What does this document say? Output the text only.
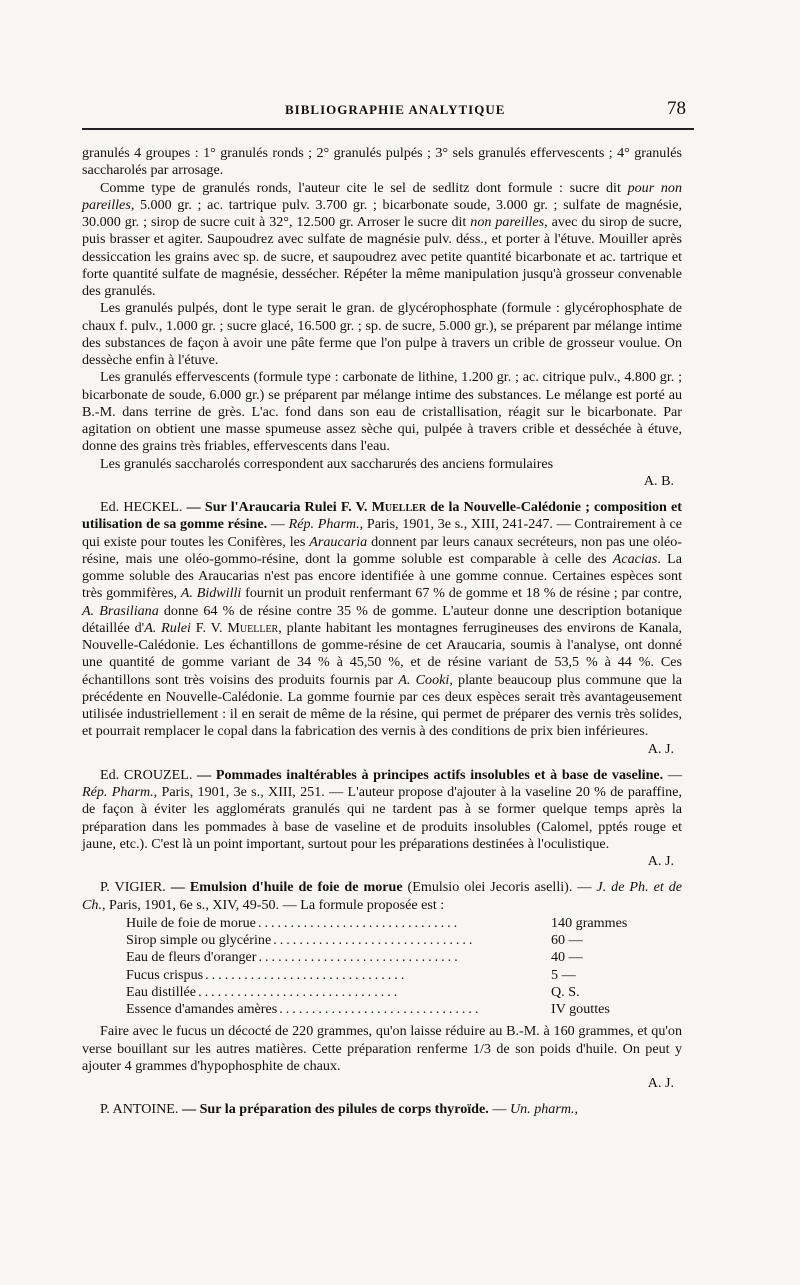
BIBLIOGRAPHIE ANALYTIQUE	78

granulés 4 groupes : 1° granulés ronds ; 2° granulés pulpés ; 3° sels granulés effervescents ; 4° granulés saccharolés par arrosage.

Comme type de granulés ronds, l'auteur cite le sel de sedlitz dont formule : sucre dit pour non pareilles, 5.000 gr. ; ac. tartrique pulv. 3.700 gr. ; bicarbonate soude, 3.000 gr. ; sulfate de magnésie, 30.000 gr. ; sirop de sucre cuit à 32°, 12.500 gr. Arroser le sucre dit non pareilles, avec du sirop de sucre, puis brasser et agiter. Saupoudrez avec sulfate de magnésie pulv. déss., et porter à l'étuve. Mouiller après dessiccation les grains avec sp. de sucre, et saupoudrez avec petite quantité bicarbonate et ac. tartrique et forte quantité sulfate de magnésie, dessécher. Répéter la même manipulation jusqu'à grosseur convenable des granulés.

Les granulés pulpés, dont le type serait le gran. de glycérophosphate (formule : glycérophosphate de chaux f. pulv., 1.000 gr. ; sucre glacé, 16.500 gr. ; sp. de sucre, 5.000 gr.), se préparent par mélange intime des substances de façon à avoir une pâte ferme que l'on pulpe à travers un crible de grosseur voulue. On dessèche enfin à l'étuve.

Les granulés effervescents (formule type : carbonate de lithine, 1.200 gr. ; ac. citrique pulv., 4.800 gr. ; bicarbonate de soude, 6.000 gr.) se préparent par mélange intime des substances. Le mélange est porté au B.-M. dans terrine de grès. L'ac. fond dans son eau de cristallisation, réagit sur le bicarbonate. Par agitation on obtient une masse spumeuse assez sèche qui, pulpée à travers crible et desséchée à étuve, donne des grains très friables, effervescents dans l'eau.

Les granulés saccharolés correspondent aux saccharurés des anciens formulaires

A. B.

Ed. HECKEL. — Sur l'Araucaria Rulei F. V. Mueller de la Nouvelle-Calédonie ; composition et utilisation de sa gomme résine. — Rép. Pharm., Paris, 1901, 3e s., XIII, 241-247. — Contrairement à ce qui existe pour toutes les Conifères, les Araucaria donnent par leurs canaux secréteurs, non pas une oléo-résine, mais une oléo-gommo-résine, dont la gomme soluble est comparable à celle des Acacias. La gomme soluble des Araucarias n'est pas encore identifiée à une gomme connue. Certaines espèces sont très gommifères, A. Bidwilli fournit un produit renfermant 67 % de gomme et 18 % de résine ; par contre, A. Brasiliana donne 64 % de résine contre 35 % de gomme. L'auteur donne une description botanique détaillée d'A. Rulei F. V. Mueller, plante habitant les montagnes ferrugineuses des environs de Kanala, Nouvelle-Calédonie. Les échantillons de gomme-résine de cet Araucaria, soumis à l'analyse, ont donné une quantité de gomme variant de 34 % à 45,50 %, et de résine variant de 53,5 % à 44 %. Ces échantillons sont très voisins des produits fournis par A. Cooki, plante beaucoup plus commune que la précédente en Nouvelle-Calédonie. La gomme fournie par ces deux espèces serait très avantageusement utilisée industriellement : il en serait de même de la résine, qui permet de préparer des vernis très solides, et pourrait remplacer le copal dans la fabrication des vernis à des conditions de prix bien inférieures.

A. J.

Ed. CROUZEL. — Pommades inaltérables à principes actifs insolubles et à base de vaseline. — Rép. Pharm., Paris, 1901, 3e s., XIII, 251. — L'auteur propose d'ajouter à la vaseline 20 % de paraffine, de façon à éviter les agglomérats granulés qui ne tardent pas à se former quelque temps après la préparation dans les pommades à base de vaseline et de produits insolubles (Calomel, pptés rouge et jaune, etc.). C'est là un point important, surtout pour les préparations destinées à l'oculistique.

A. J.

P. VIGIER. — Emulsion d'huile de foie de morue (Emulsio olei Jecoris aselli). — J. de Ph. et de Ch., Paris, 1901, 6e s., XIV, 49-50. — La formule proposée est :

Huile de foie de morue ...............................	140 grammes
Sirop simple ou glycérine ...............................	60 —
Eau de fleurs d'oranger ...............................	40 —
Fucus crispus ...............................	5 —
Eau distillée ...............................	Q. S.
Essence d'amandes amères ...............................	IV gouttes

Faire avec le fucus un décocté de 220 grammes, qu'on laisse réduire au B.-M. à 160 grammes, et qu'on verse bouillant sur les autres matières. Cette préparation renferme 1/3 de son poids d'huile. On peut y ajouter 4 grammes d'hypophosphite de chaux.

A. J.

P. ANTOINE. — Sur la préparation des pilules de corps thyroïde. — Un. pharm.,
